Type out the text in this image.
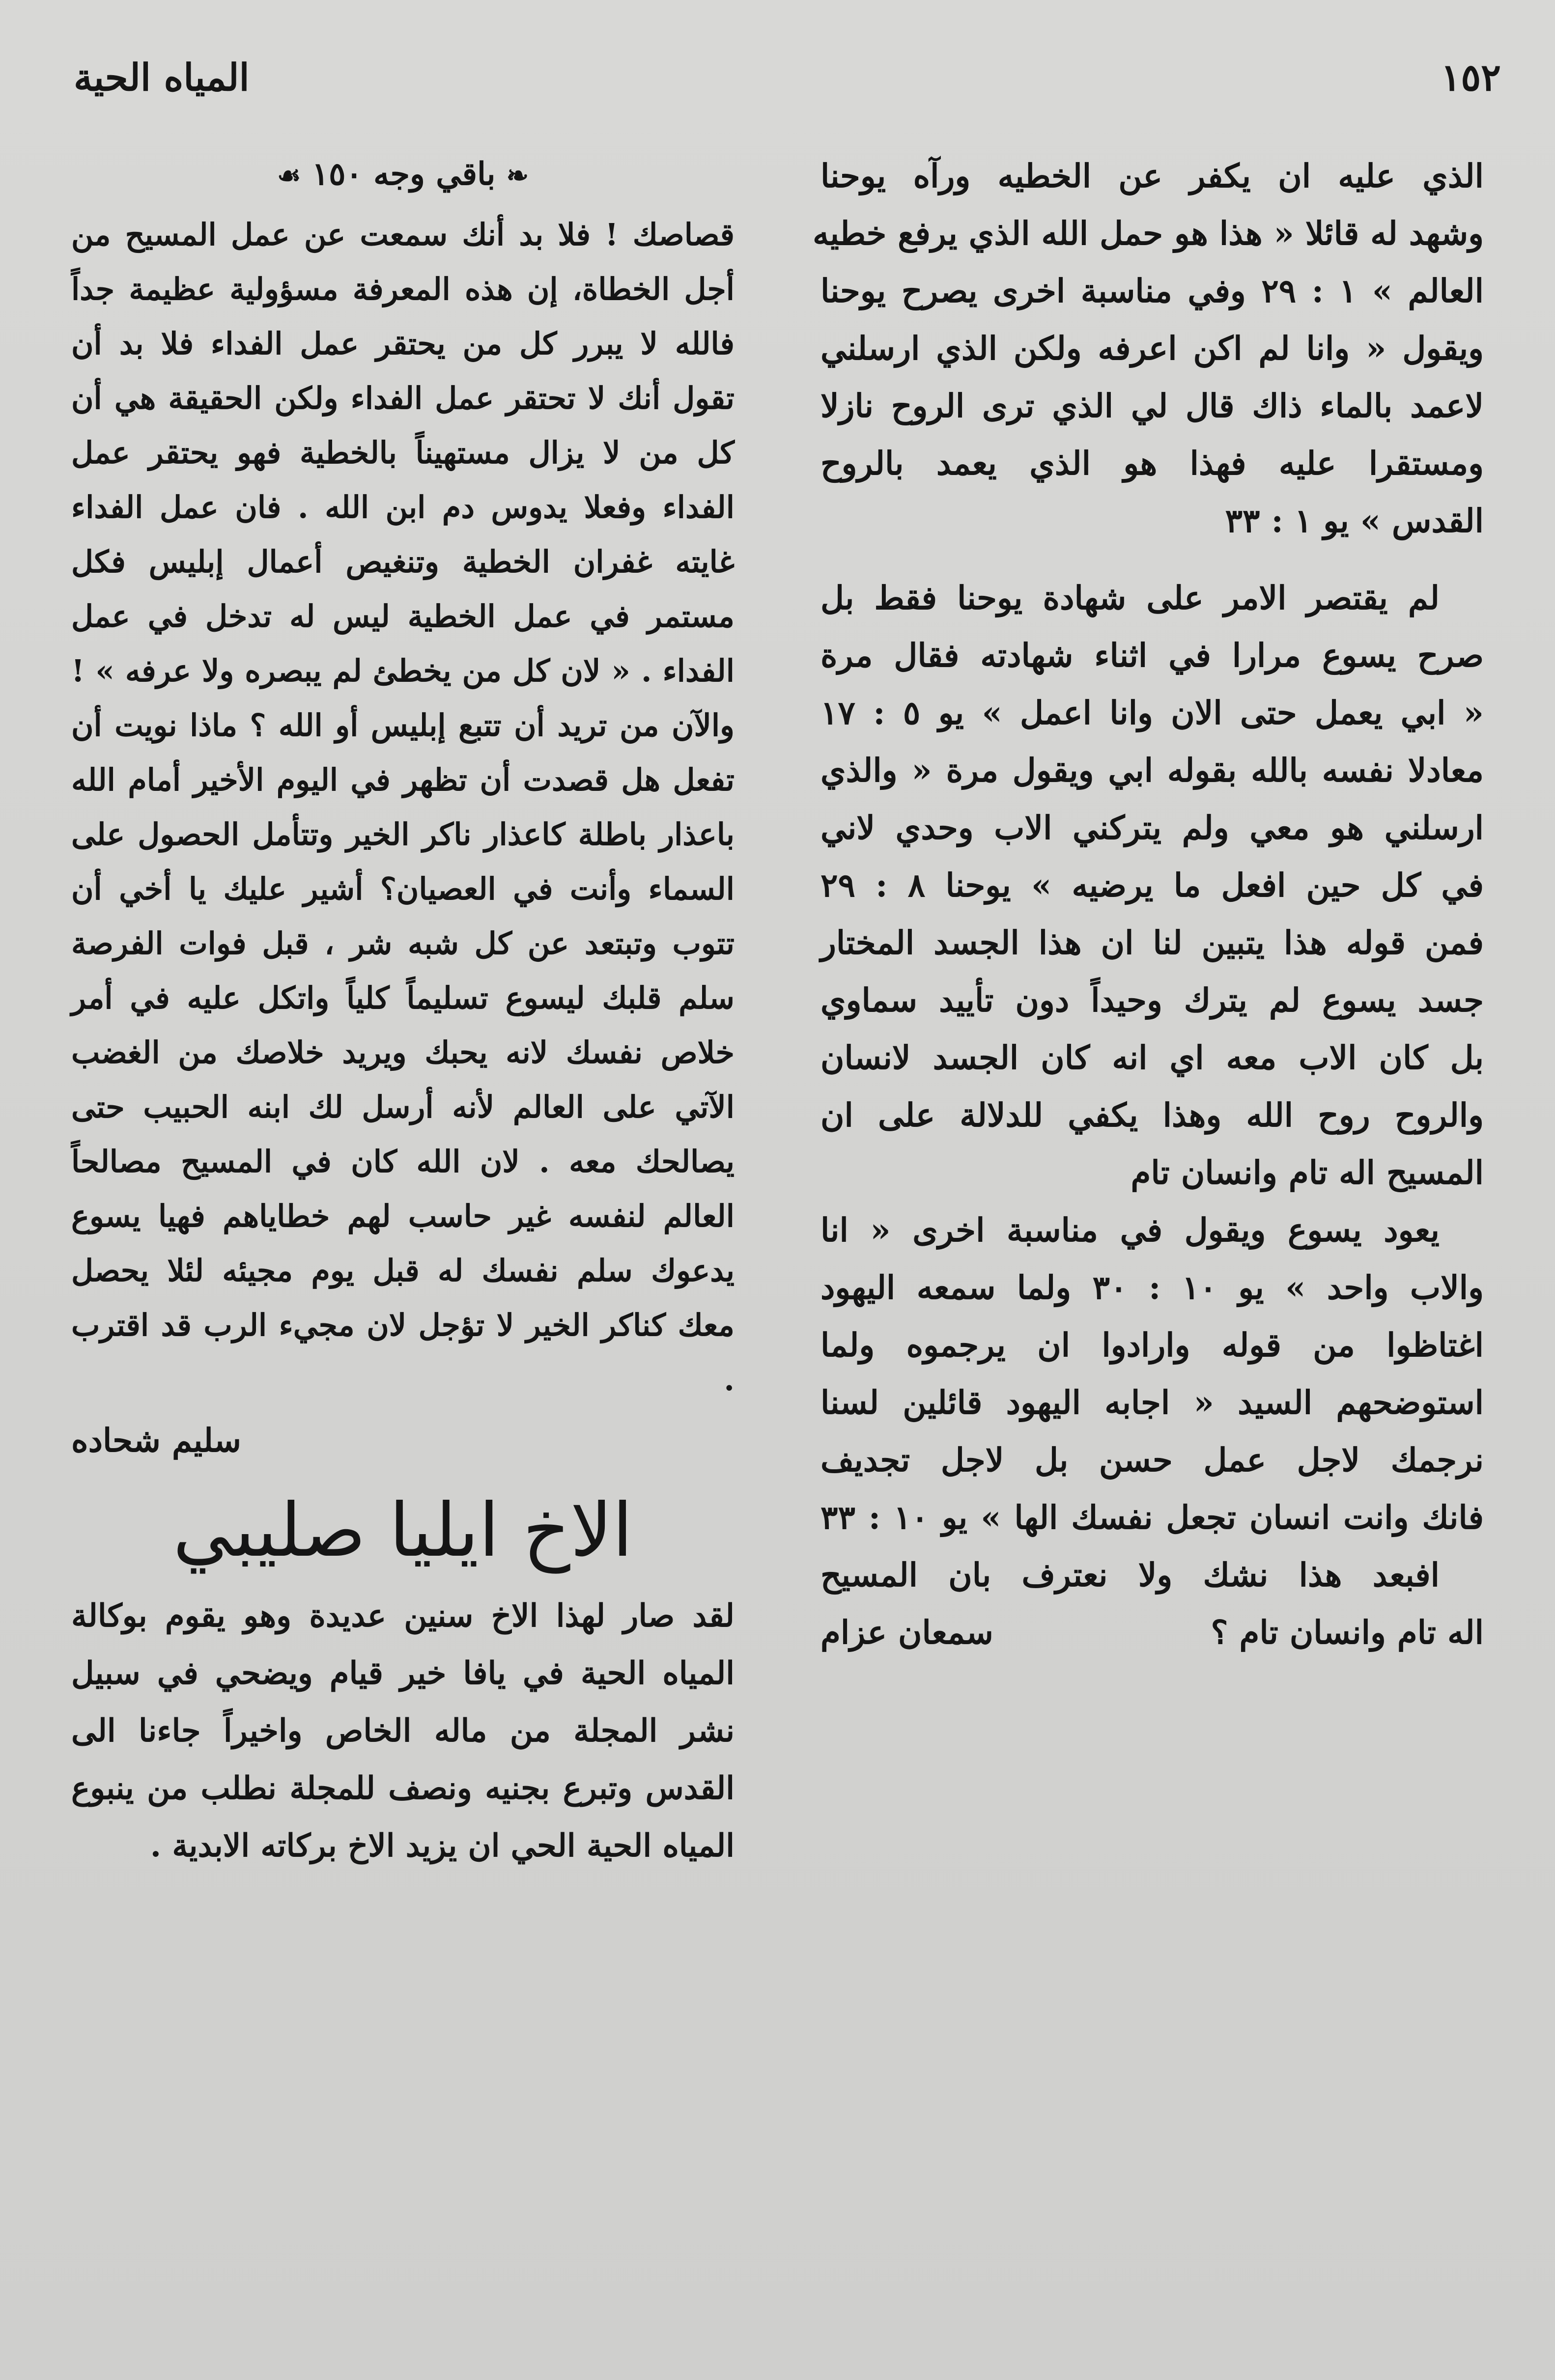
المياه الحية	١٥٢
الذي عليه ان يكفر عن الخطيه ورآه يوحنا
وشهد له قائلا « هذا هو حمل الله الذي يرفع خطيه
العالم » ١ : ٢٩ وفي مناسبة اخرى يصرح يوحنا
ويقول « وانا لم اكن اعرفه ولكن الذي ارسلني
لاعمد بالماء ذاك قال لي الذي ترى الروح نازلا
ومستقرا عليه فهذا هو الذي يعمد بالروح
القدس » يو ١ : ٣٣
لم يقتصر الامر على شهادة يوحنا فقط بل
صرح يسوع مرارا في اثناء شهادته فقال مرة
« ابي يعمل حتى الان وانا اعمل » يو ٥ : ١٧
معادلا نفسه بالله بقوله ابي ويقول مرة « والذي
ارسلني هو معي ولم يتركني الاب وحدي لاني
في كل حين افعل ما يرضيه » يوحنا ٨ : ٢٩
فمن قوله هذا يتبين لنا ان هذا الجسد المختار
جسد يسوع لم يترك وحيداً دون تأييد سماوي
بل كان الاب معه اي انه كان الجسد لانسان
والروح روح الله وهذا يكفي للدلالة على ان
المسيح اله تام وانسان تام
يعود يسوع ويقول في مناسبة اخرى « انا
والاب واحد » يو ١٠ : ٣٠ ولما سمعه اليهود
اغتاظوا من قوله وارادوا ان يرجموه ولما
استوضحهم السيد « اجابه اليهود قائلين لسنا
نرجمك لاجل عمل حسن بل لاجل تجديف
فانك وانت انسان تجعل نفسك الها » يو ١٠ : ٣٣
افبعد هذا نشك ولا نعترف بان المسيح
اله تام وانسان تام ؟
سمعان عزام
❧ باقي وجه ١٥٠ ☙

قصاصك ! فلا بد أنك سمعت عن عمل المسيح من أجل الخطاة، إن هذه المعرفة مسؤولية عظيمة جداً فالله لا يبرر كل من يحتقر عمل الفداء فلا بد أن تقول أنك لا تحتقر عمل الفداء ولكن الحقيقة هي أن كل من لا يزال مستهيناً بالخطية فهو يحتقر عمل الفداء وفعلا يدوس دم ابن الله . فان عمل الفداء غايته غفران الخطية وتنغيص أعمال إبليس فكل مستمر في عمل الخطية ليس له تدخل في عمل الفداء . « لان كل من يخطئ لم يبصره ولا عرفه » ! والآن من تريد أن تتبع إبليس أو الله ؟ ماذا نويت أن تفعل هل قصدت أن تظهر في اليوم الأخير أمام الله باعذار باطلة كاعذار ناكر الخير وتتأمل الحصول على السماء وأنت في العصيان؟ أشير عليك يا أخي أن تتوب وتبتعد عن كل شبه شر ، قبل فوات الفرصة سلم قلبك ليسوع تسليماً كلياً واتكل عليه في أمر خلاص نفسك لانه يحبك ويريد خلاصك من الغضب الآتي على العالم لأنه أرسل لك ابنه الحبيب حتى يصالحك معه . لان الله كان في المسيح مصالحاً العالم لنفسه غير حاسب لهم خطاياهم فهيا يسوع يدعوك سلم نفسك له قبل يوم مجيئه لئلا يحصل معك كناكر الخير لا تؤجل لان مجيء الرب قد اقترب .

سليم شحاده
الاخ ايليا صليبي

لقد صار لهذا الاخ سنين عديدة وهو يقوم بوكالة المياه الحية في يافا خير قيام ويضحي في سبيل نشر المجلة من ماله الخاص واخيراً جاءنا الى القدس وتبرع بجنيه ونصف للمجلة نطلب من ينبوع المياه الحية الحي ان يزيد الاخ بركاته الابدية .
